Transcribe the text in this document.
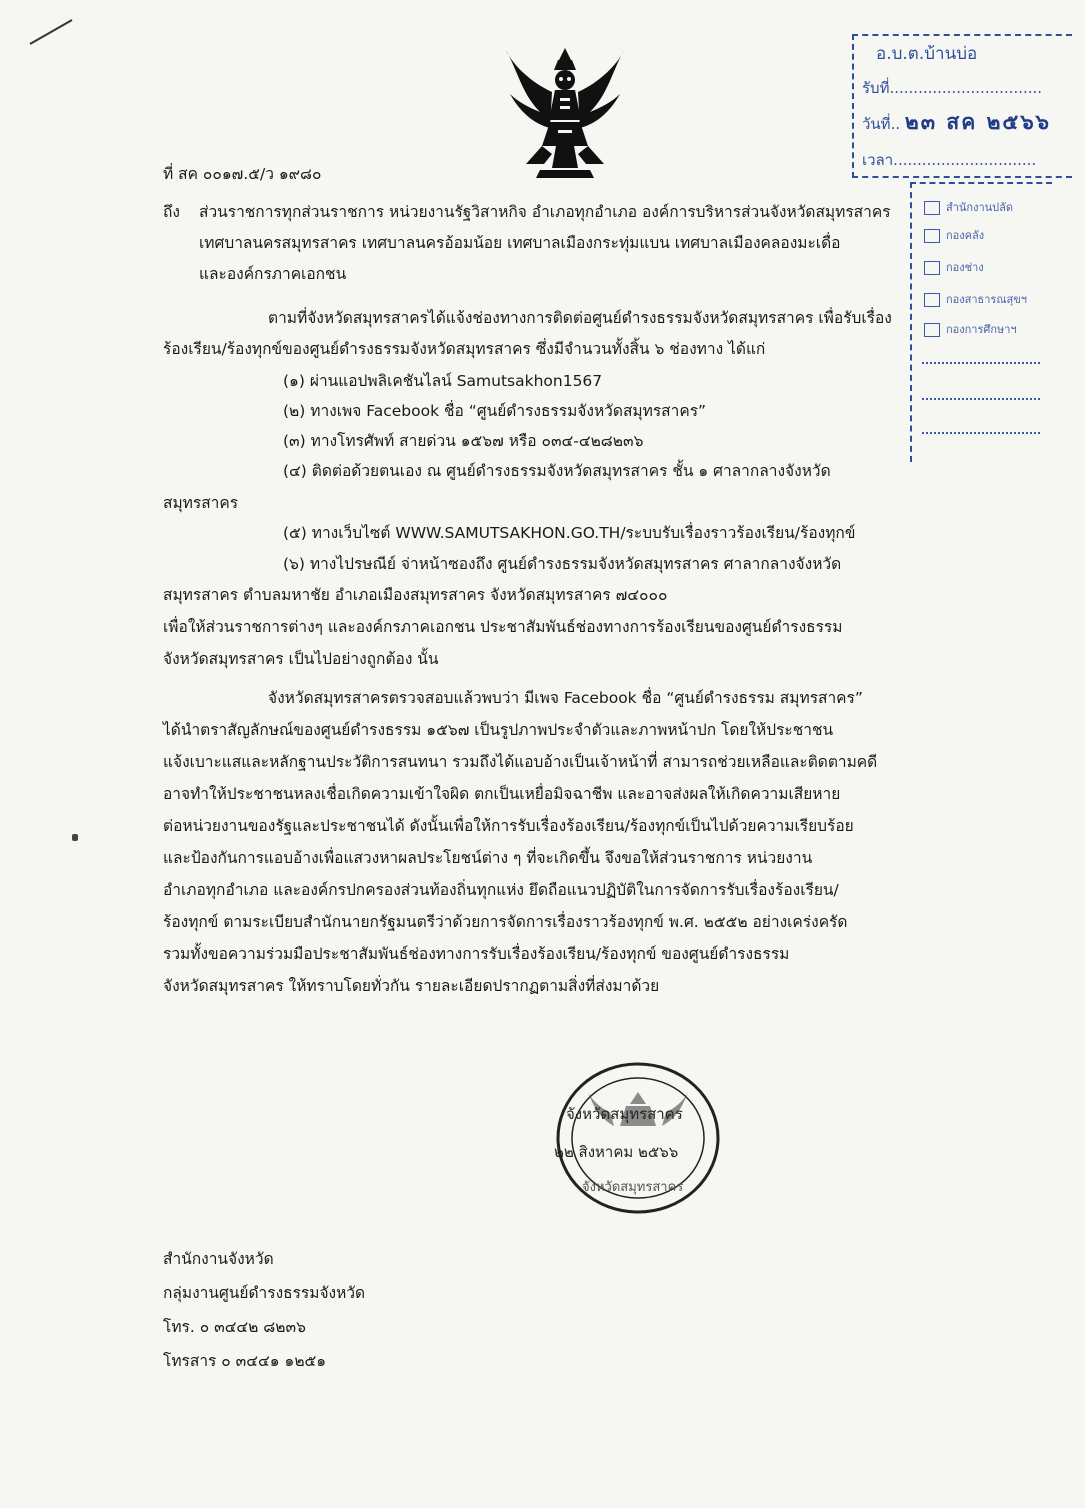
ที่ สค ๐๐๑๗.๕/ว ๑๙๘๐
ถึง ส่วนราชการทุกส่วนราชการ หน่วยงานรัฐวิสาหกิจ อำเภอทุกอำเภอ องค์การบริหารส่วนจังหวัดสมุทรสาคร
เทศบาลนครสมุทรสาคร เทศบาลนครอ้อมน้อย เทศบาลเมืองกระทุ่มแบน เทศบาลเมืองคลองมะเดื่อ
และองค์กรภาคเอกชน
ตามที่จังหวัดสมุทรสาครได้แจ้งช่องทางการติดต่อศูนย์ดำรงธรรมจังหวัดสมุทรสาคร เพื่อรับเรื่อง
ร้องเรียน/ร้องทุกข์ของศูนย์ดำรงธรรมจังหวัดสมุทรสาคร ซึ่งมีจำนวนทั้งสิ้น ๖ ช่องทาง ได้แก่
(๑) ผ่านแอปพลิเคชันไลน์ Samutsakhon1567
(๒) ทางเพจ Facebook ชื่อ “ศูนย์ดำรงธรรมจังหวัดสมุทรสาคร”
(๓) ทางโทรศัพท์ สายด่วน ๑๕๖๗ หรือ ๐๓๔-๔๒๘๒๓๖
(๔) ติดต่อด้วยตนเอง ณ ศูนย์ดำรงธรรมจังหวัดสมุทรสาคร ชั้น ๑ ศาลากลางจังหวัด
สมุทรสาคร
(๕) ทางเว็บไซต์ WWW.SAMUTSAKHON.GO.TH/ระบบรับเรื่องราวร้องเรียน/ร้องทุกข์
(๖) ทางไปรษณีย์ จ่าหน้าซองถึง ศูนย์ดำรงธรรมจังหวัดสมุทรสาคร ศาลากลางจังหวัด
สมุทรสาคร ตำบลมหาชัย อำเภอเมืองสมุทรสาคร จังหวัดสมุทรสาคร ๗๔๐๐๐
เพื่อให้ส่วนราชการต่างๆ และองค์กรภาคเอกชน ประชาสัมพันธ์ช่องทางการร้องเรียนของศูนย์ดำรงธรรม
จังหวัดสมุทรสาคร เป็นไปอย่างถูกต้อง นั้น
จังหวัดสมุทรสาครตรวจสอบแล้วพบว่า มีเพจ Facebook ชื่อ “ศูนย์ดำรงธรรม สมุทรสาคร”
ได้นำตราสัญลักษณ์ของศูนย์ดำรงธรรม ๑๕๖๗ เป็นรูปภาพประจำตัวและภาพหน้าปก โดยให้ประชาชน
แจ้งเบาะแสและหลักฐานประวัติการสนทนา รวมถึงได้แอบอ้างเป็นเจ้าหน้าที่ สามารถช่วยเหลือและติดตามคดี
อาจทำให้ประชาชนหลงเชื่อเกิดความเข้าใจผิด ตกเป็นเหยื่อมิจฉาชีพ และอาจส่งผลให้เกิดความเสียหาย
ต่อหน่วยงานของรัฐและประชาชนได้ ดังนั้นเพื่อให้การรับเรื่องร้องเรียน/ร้องทุกข์เป็นไปด้วยความเรียบร้อย
และป้องกันการแอบอ้างเพื่อแสวงหาผลประโยชน์ต่าง ๆ ที่จะเกิดขึ้น จึงขอให้ส่วนราชการ หน่วยงาน
อำเภอทุกอำเภอ และองค์กรปกครองส่วนท้องถิ่นทุกแห่ง ยึดถือแนวปฏิบัติในการจัดการรับเรื่องร้องเรียน/
ร้องทุกข์ ตามระเบียบสำนักนายกรัฐมนตรีว่าด้วยการจัดการเรื่องราวร้องทุกข์ พ.ศ. ๒๕๕๒ อย่างเคร่งครัด
รวมทั้งขอความร่วมมือประชาสัมพันธ์ช่องทางการรับเรื่องร้องเรียน/ร้องทุกข์ ของศูนย์ดำรงธรรม
จังหวัดสมุทรสาคร ให้ทราบโดยทั่วกัน รายละเอียดปรากฏตามสิ่งที่ส่งมาด้วย
จังหวัดสมุทรสาคร
๒๒ สิงหาคม ๒๕๖๖
จังหวัดสมุทรสาคร
สำนักงานจังหวัด
กลุ่มงานศูนย์ดำรงธรรมจังหวัด
โทร. ๐ ๓๔๔๒ ๘๒๓๖
โทรสาร ๐ ๓๔๔๑ ๑๒๕๑
อ.บ.ต.บ้านบ่อ
รับที่................................
วันที่.. ๒๓ สค ๒๕๖๖
เวลา..............................
สำนักงานปลัด
กองคลัง
กองช่าง
กองสาธารณสุขฯ
กองการศึกษาฯ
